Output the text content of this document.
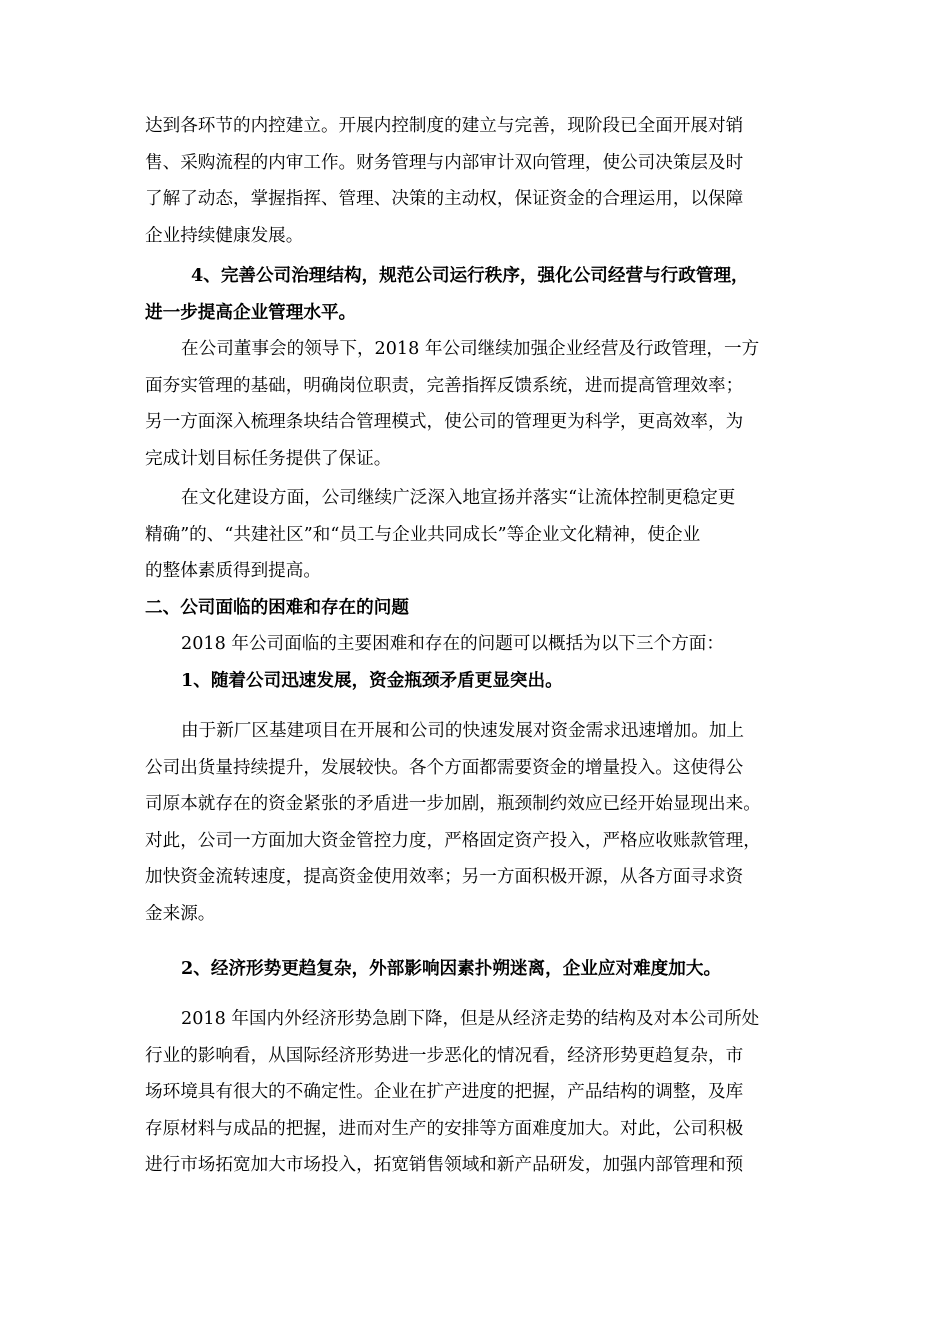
达到各环节的内控建立。开展内控制度的建立与完善，现阶段已全面开展对销
售、采购流程的内审工作。财务管理与内部审计双向管理，使公司决策层及时
了解了动态，掌握指挥、管理、决策的主动权，保证资金的合理运用，以保障
企业持续健康发展。
4、完善公司治理结构，规范公司运行秩序，强化公司经营与行政管理，
进一步提高企业管理水平。
在公司董事会的领导下，2018 年公司继续加强企业经营及行政管理，一方
面夯实管理的基础，明确岗位职责，完善指挥反馈系统，进而提高管理效率；
另一方面深入梳理条块结合管理模式，使公司的管理更为科学，更高效率，为
完成计划目标任务提供了保证。
在文化建设方面，公司继续广泛深入地宣扬并落实“让流体控制更稳定更
精确”的、“共建社区”和“员工与企业共同成长”等企业文化精神，使企业
的整体素质得到提高。
二、公司面临的困难和存在的问题
2018 年公司面临的主要困难和存在的问题可以概括为以下三个方面：
1、随着公司迅速发展，资金瓶颈矛盾更显突出。
由于新厂区基建项目在开展和公司的快速发展对资金需求迅速增加。加上
公司出货量持续提升，发展较快。各个方面都需要资金的增量投入。这使得公
司原本就存在的资金紧张的矛盾进一步加剧，瓶颈制约效应已经开始显现出来。
对此，公司一方面加大资金管控力度，严格固定资产投入，严格应收账款管理，
加快资金流转速度，提高资金使用效率；另一方面积极开源，从各方面寻求资
金来源。
2、经济形势更趋复杂，外部影响因素扑朔迷离，企业应对难度加大。
2018 年国内外经济形势急剧下降，但是从经济走势的结构及对本公司所处
行业的影响看，从国际经济形势进一步恶化的情况看，经济形势更趋复杂，市
场环境具有很大的不确定性。企业在扩产进度的把握，产品结构的调整，及库
存原材料与成品的把握，进而对生产的安排等方面难度加大。对此，公司积极
进行市场拓宽加大市场投入，拓宽销售领域和新产品研发，加强内部管理和预
